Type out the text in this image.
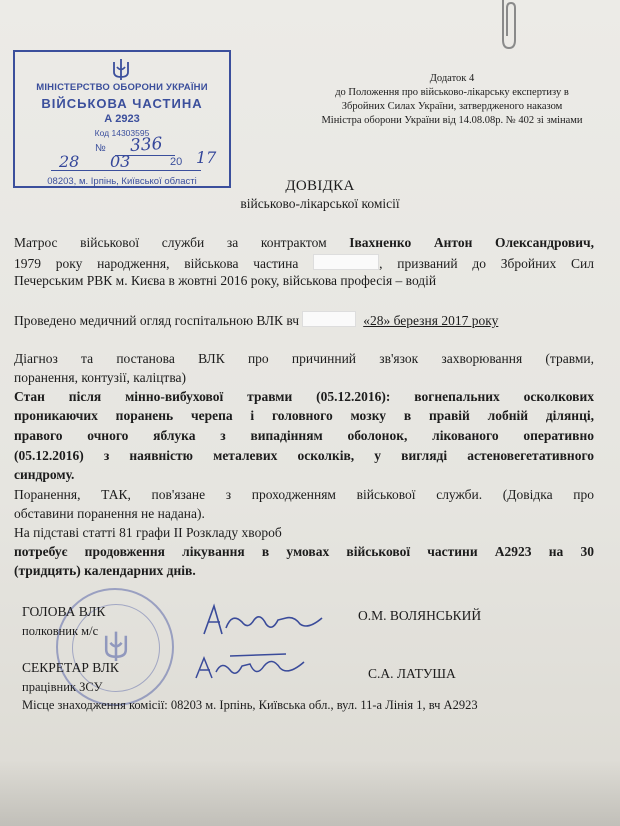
МІНІСТЕРСТВО ОБОРОНИ УКРАЇНИ
ВІЙСЬКОВА ЧАСТИНА
А 2923
Код 14303595
№
08203, м. Ірпінь, Київської області
336
28 03	20 17
Додаток 4
до Положення про військово-лікарську експертизу в
Збройних Силах України, затвердженого наказом
Міністра оборони України від 14.08.08р. № 402 зі змінами
ДОВІДКА
військово-лікарської комісії
Матрос військової служби за контрактом Іваxненко Антон Олександрович,
1979 року народження, військова частина	, призваний до Збройних Сил
Печерським РВК м. Києва в жовтні 2016 року, військова професія – водій
Проведено медичний огляд госпітальною ВЛК вч	«28» березня 2017 року
Діагноз та постанова ВЛК про причинний зв'язок захворювання (травми,
поранення, контузії, каліцтва)
Стан після мінно-вибухової травми (05.12.2016): вогнепальних осколкових
проникаючих поранень черепа і головного мозку в правій лобній ділянці,
правого очного яблука з випадінням оболонок, лікованого оперативно
(05.12.2016) з наявністю металевих осколків, у вигляді астеновегетативного
синдрому.
Поранення, ТАК, пов'язане з проходженням військової служби. (Довідка про
обставини поранення не надана).
На підставі статті 81 графи II Розкладу хвороб
потребує продовження лікування в умовах військової частини А2923 на 30
(тридцять) календарних днів.
ГОЛОВА ВЛК
полковник м/с
О.М. ВОЛЯНСЬКИЙ
СЕКРЕТАР ВЛК
працівник ЗСУ
С.А. ЛАТУША
Місце знаходження комісії: 08203 м. Ірпінь, Київська обл., вул. 11-а Лінія 1, вч А2923
